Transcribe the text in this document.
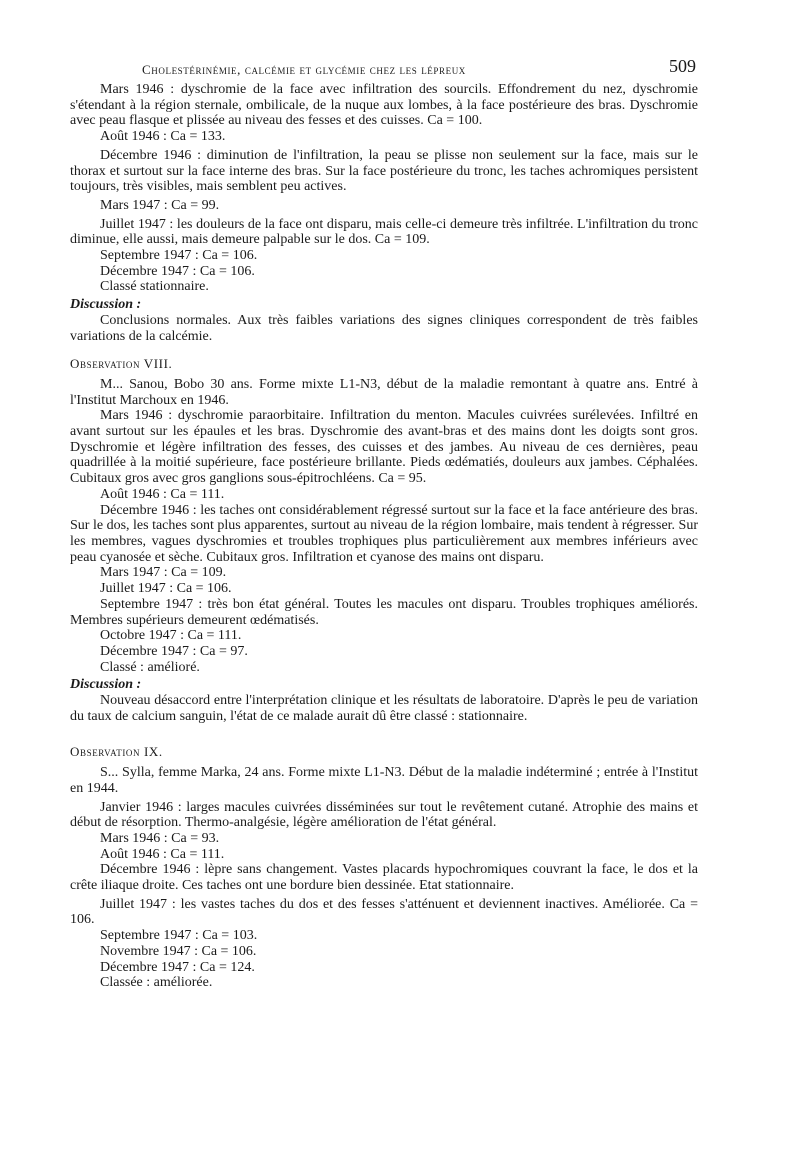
Cholestérinémie, calcémie et glycémie chez les lépreux	509

Mars 1946 : dyschromie de la face avec infiltration des sourcils. Effondrement du nez, dyschromie s'étendant à la région sternale, ombilicale, de la nuque aux lombes, à la face postérieure des bras. Dyschromie avec peau flasque et plissée au niveau des fesses et des cuisses. Ca = 100.

Août 1946 : Ca = 133.

Décembre 1946 : diminution de l'infiltration, la peau se plisse non seulement sur la face, mais sur le thorax et surtout sur la face interne des bras. Sur la face postérieure du tronc, les taches achromiques persistent toujours, très visibles, mais semblent peu actives.

Mars 1947 : Ca = 99.

Juillet 1947 : les douleurs de la face ont disparu, mais celle-ci demeure très infiltrée. L'infiltration du tronc diminue, elle aussi, mais demeure palpable sur le dos. Ca = 109.

Septembre 1947 : Ca = 106.

Décembre 1947 : Ca = 106.

Classé stationnaire.

Discussion :

Conclusions normales. Aux très faibles variations des signes cliniques correspondent de très faibles variations de la calcémie.

Observation VIII.

M... Sanou, Bobo 30 ans. Forme mixte L1-N3, début de la maladie remontant à quatre ans. Entré à l'Institut Marchoux en 1946.

Mars 1946 : dyschromie paraorbitaire. Infiltration du menton. Macules cuivrées surélevées. Infiltré en avant surtout sur les épaules et les bras. Dyschromie des avant-bras et des mains dont les doigts sont gros. Dyschromie et légère infiltration des fesses, des cuisses et des jambes. Au niveau de ces dernières, peau quadrillée à la moitié supérieure, face postérieure brillante. Pieds œdématiés, douleurs aux jambes. Céphalées. Cubitaux gros avec gros ganglions sous-épitrochléens. Ca = 95.

Août 1946 : Ca = 111.

Décembre 1946 : les taches ont considérablement régressé surtout sur la face et la face antérieure des bras. Sur le dos, les taches sont plus apparentes, surtout au niveau de la région lombaire, mais tendent à régresser. Sur les membres, vagues dyschromies et troubles trophiques plus particulièrement aux membres inférieurs avec peau cyanosée et sèche. Cubitaux gros. Infiltration et cyanose des mains ont disparu.

Mars 1947 : Ca = 109.

Juillet 1947 : Ca = 106.

Septembre 1947 : très bon état général. Toutes les macules ont disparu. Troubles trophiques améliorés. Membres supérieurs demeurent œdématisés.

Octobre 1947 : Ca = 111.

Décembre 1947 : Ca = 97.

Classé : amélioré.

Discussion :

Nouveau désaccord entre l'interprétation clinique et les résultats de laboratoire. D'après le peu de variation du taux de calcium sanguin, l'état de ce malade aurait dû être classé : stationnaire.

Observation IX.

S... Sylla, femme Marka, 24 ans. Forme mixte L1-N3. Début de la maladie indéterminé ; entrée à l'Institut en 1944.

Janvier 1946 : larges macules cuivrées disséminées sur tout le revêtement cutané. Atrophie des mains et début de résorption. Thermo-analgésie, légère amélioration de l'état général.

Mars 1946 : Ca = 93.

Août 1946 : Ca = 111.

Décembre 1946 : lèpre sans changement. Vastes placards hypochromiques couvrant la face, le dos et la crête iliaque droite. Ces taches ont une bordure bien dessinée. Etat stationnaire.

Juillet 1947 : les vastes taches du dos et des fesses s'atténuent et deviennent inactives. Améliorée. Ca = 106.

Septembre 1947 : Ca = 103.

Novembre 1947 : Ca = 106.

Décembre 1947 : Ca = 124.

Classée : améliorée.
